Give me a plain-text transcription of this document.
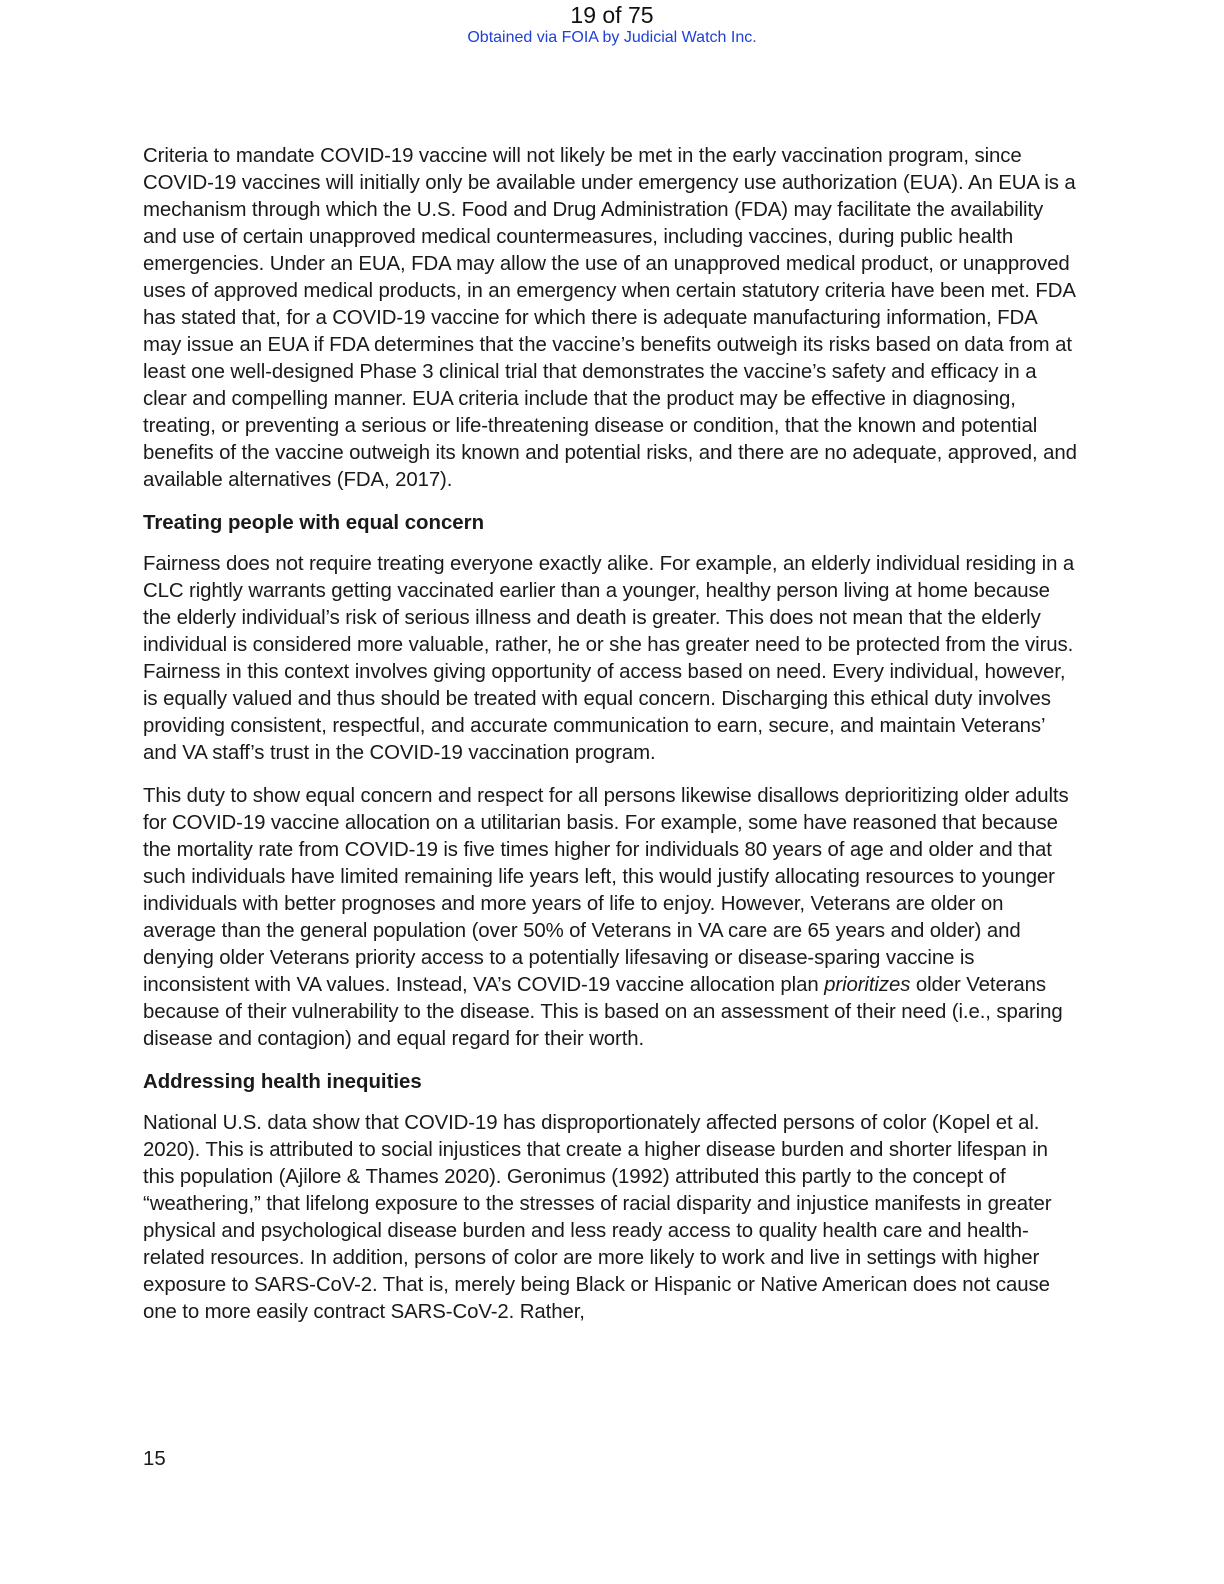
19 of 75
Obtained via FOIA by Judicial Watch Inc.

Criteria to mandate COVID-19 vaccine will not likely be met in the early vaccination program, since COVID-19 vaccines will initially only be available under emergency use authorization (EUA). An EUA is a mechanism through which the U.S. Food and Drug Administration (FDA) may facilitate the availability and use of certain unapproved medical countermeasures, including vaccines, during public health emergencies. Under an EUA, FDA may allow the use of an unapproved medical product, or unapproved uses of approved medical products, in an emergency when certain statutory criteria have been met. FDA has stated that, for a COVID-19 vaccine for which there is adequate manufacturing information, FDA may issue an EUA if FDA determines that the vaccine’s benefits outweigh its risks based on data from at least one well-designed Phase 3 clinical trial that demonstrates the vaccine’s safety and efficacy in a clear and compelling manner. EUA criteria include that the product may be effective in diagnosing, treating, or preventing a serious or life-threatening disease or condition, that the known and potential benefits of the vaccine outweigh its known and potential risks, and there are no adequate, approved, and available alternatives (FDA, 2017).

Treating people with equal concern

Fairness does not require treating everyone exactly alike. For example, an elderly individual residing in a CLC rightly warrants getting vaccinated earlier than a younger, healthy person living at home because the elderly individual’s risk of serious illness and death is greater. This does not mean that the elderly individual is considered more valuable, rather, he or she has greater need to be protected from the virus. Fairness in this context involves giving opportunity of access based on need. Every individual, however, is equally valued and thus should be treated with equal concern. Discharging this ethical duty involves providing consistent, respectful, and accurate communication to earn, secure, and maintain Veterans’ and VA staff’s trust in the COVID-19 vaccination program.

This duty to show equal concern and respect for all persons likewise disallows deprioritizing older adults for COVID-19 vaccine allocation on a utilitarian basis. For example, some have reasoned that because the mortality rate from COVID-19 is five times higher for individuals 80 years of age and older and that such individuals have limited remaining life years left, this would justify allocating resources to younger individuals with better prognoses and more years of life to enjoy. However, Veterans are older on average than the general population (over 50% of Veterans in VA care are 65 years and older) and denying older Veterans priority access to a potentially lifesaving or disease-sparing vaccine is inconsistent with VA values. Instead, VA’s COVID-19 vaccine allocation plan prioritizes older Veterans because of their vulnerability to the disease. This is based on an assessment of their need (i.e., sparing disease and contagion) and equal regard for their worth.

Addressing health inequities

National U.S. data show that COVID-19 has disproportionately affected persons of color (Kopel et al. 2020). This is attributed to social injustices that create a higher disease burden and shorter lifespan in this population (Ajilore & Thames 2020). Geronimus (1992) attributed this partly to the concept of “weathering,” that lifelong exposure to the stresses of racial disparity and injustice manifests in greater physical and psychological disease burden and less ready access to quality health care and health-related resources. In addition, persons of color are more likely to work and live in settings with higher exposure to SARS-CoV-2. That is, merely being Black or Hispanic or Native American does not cause one to more easily contract SARS-CoV-2. Rather,

15
